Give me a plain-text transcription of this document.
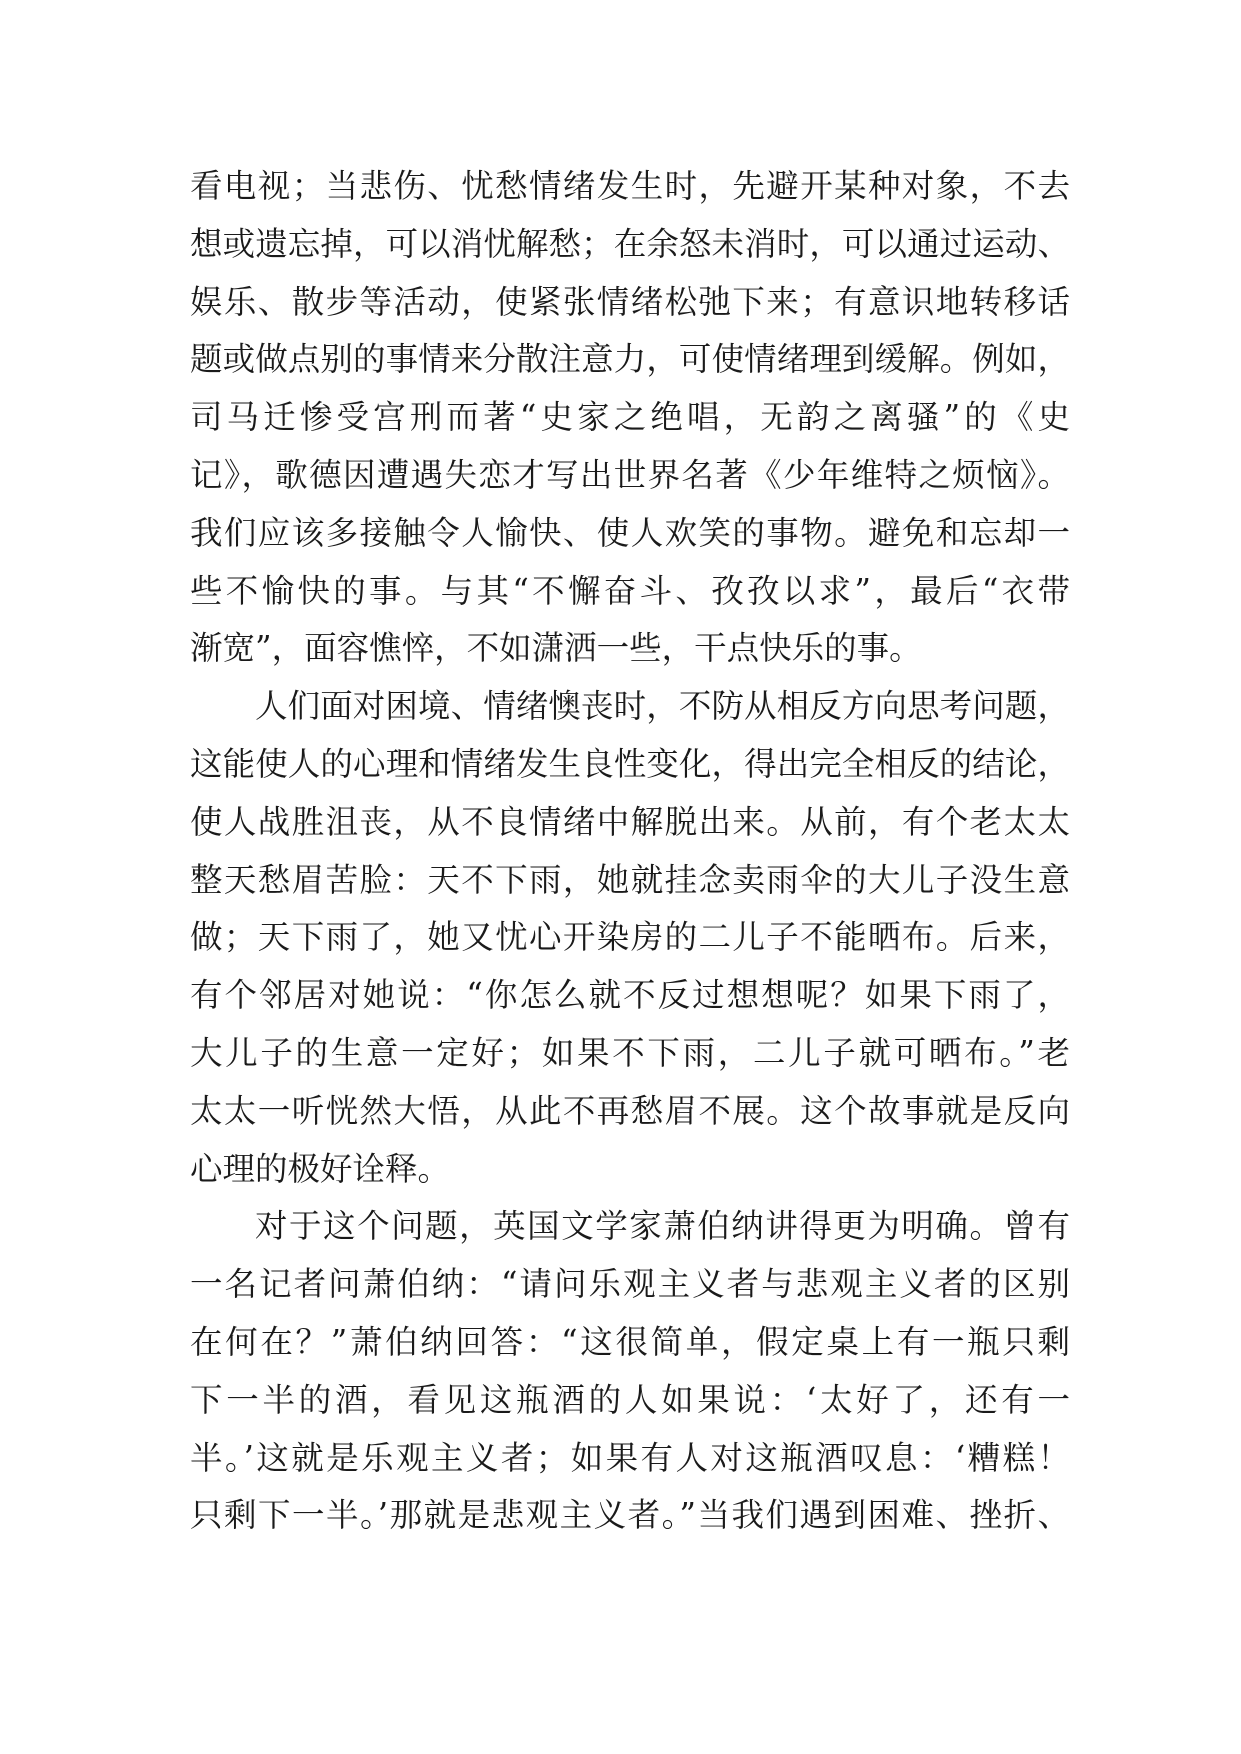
看电视；当悲伤、忧愁情绪发生时，先避开某种对象，不去
想或遗忘掉，可以消忧解愁；在余怒未消时，可以通过运动、
娱乐、散步等活动，使紧张情绪松弛下来；有意识地转移话
题或做点别的事情来分散注意力，可使情绪理到缓解。例如，
司马迁惨受宫刑而著“史家之绝唱，无韵之离骚”的《史
记》，歌德因遭遇失恋才写出世界名著《少年维特之烦恼》。
我们应该多接触令人愉快、使人欢笑的事物。避免和忘却一
些不愉快的事。与其“不懈奋斗、孜孜以求”，最后“衣带
渐宽”，面容憔悴，不如潇洒一些，干点快乐的事。
人们面对困境、情绪懊丧时，不防从相反方向思考问题，
这能使人的心理和情绪发生良性变化，得出完全相反的结论，
使人战胜沮丧，从不良情绪中解脱出来。从前，有个老太太
整天愁眉苦脸：天不下雨，她就挂念卖雨伞的大儿子没生意
做；天下雨了，她又忧心开染房的二儿子不能晒布。后来，
有个邻居对她说：“你怎么就不反过想想呢？如果下雨了，
大儿子的生意一定好；如果不下雨，二儿子就可晒布。”老
太太一听恍然大悟，从此不再愁眉不展。这个故事就是反向
心理的极好诠释。
对于这个问题，英国文学家萧伯纳讲得更为明确。曾有
一名记者问萧伯纳：“请问乐观主义者与悲观主义者的区别
在何在？”萧伯纳回答：“这很简单，假定桌上有一瓶只剩
下一半的酒，看见这瓶酒的人如果说：‘太好了，还有一
半。’这就是乐观主义者；如果有人对这瓶酒叹息：‘糟糕！
只剩下一半。’那就是悲观主义者。”当我们遇到困难、挫折、
